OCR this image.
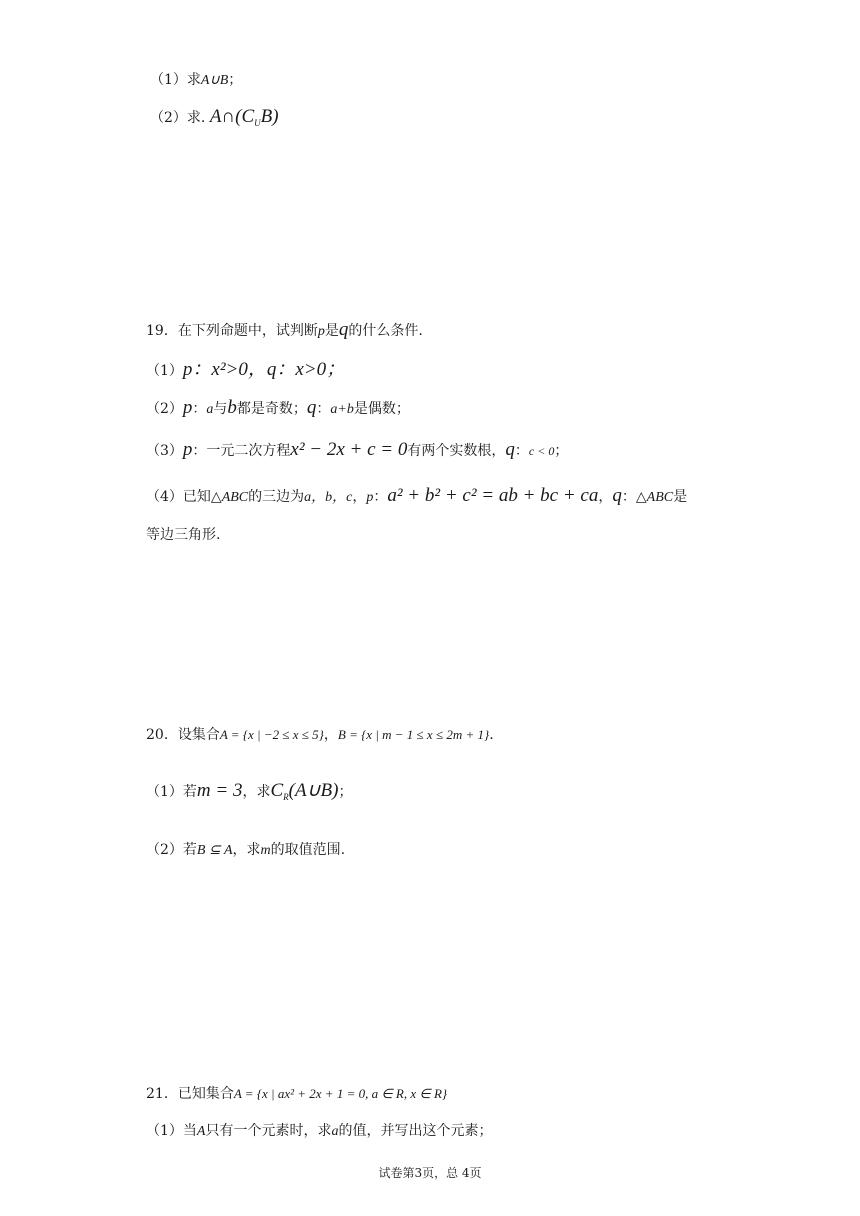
（1）求A∪B；
（2）求. $A\cap(C_UB)$
19．在下列命题中，试判断p是q的什么条件.
（1）p：x²>0，q：x>0；
（2）p：a与b都是奇数；q：a+b是偶数；
（3）p：一元二次方程x² − 2x + c = 0有两个实数根，q：c < 0；
（4）已知△ABC的三边为a，b，c，p：a² + b² + c² = ab + bc + ca，q：△ABC是
等边三角形.
20．设集合A = {x | −2 ≤ x ≤ 5}，B = {x | m − 1 ≤ x ≤ 2m + 1}.
（1）若m = 3，求$C_R(A\cup B)$；
（2）若B ⊆ A，求m的取值范围.
21．已知集合A = {x | ax² + 2x + 1 = 0, a ∈ R, x ∈ R}
（1）当A只有一个元素时，求a的值，并写出这个元素；
试卷第3页，总 4页
